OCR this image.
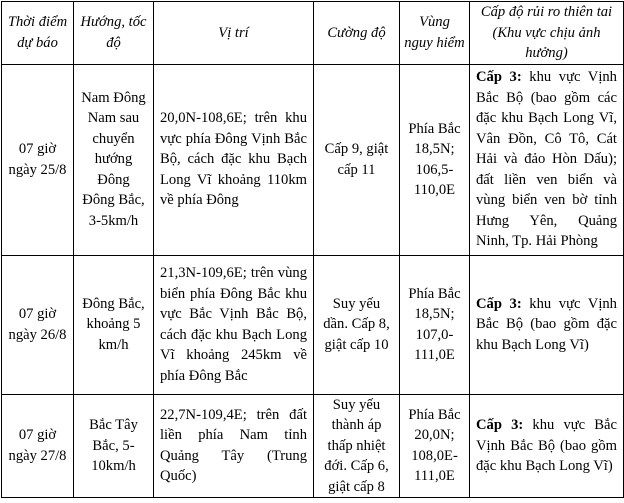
Thời điểm dự báo	Hướng, tốc độ	Vị trí	Cường độ	Vùng nguy hiểm	Cấp độ rủi ro thiên tai (Khu vực chịu ảnh hưởng)
07 giờ ngày 25/8	Nam Đông Nam sau chuyển hướng Đông Đông Bắc, 3-5km/h	20,0N-108,6E; trên khu vực phía Đông Vịnh Bắc Bộ, cách đặc khu Bạch Long Vĩ khoảng 110km về phía Đông	Cấp 9, giật cấp 11	Phía Bắc 18,5N; 106,5-110,0E	Cấp 3: khu vực Vịnh Bắc Bộ (bao gồm các đặc khu Bạch Long Vĩ, Vân Đồn, Cô Tô, Cát Hải và đảo Hòn Dấu); đất liền ven biển và vùng biển ven bờ tỉnh Hưng Yên, Quảng Ninh, Tp. Hải Phòng
07 giờ ngày 26/8	Đông Bắc, khoảng 5 km/h	21,3N-109,6E; trên vùng biển phía Đông Bắc khu vực Bắc Vịnh Bắc Bộ, cách đặc khu Bạch Long Vĩ khoảng 245km về phía Đông Bắc	Suy yếu dần. Cấp 8, giật cấp 10	Phía Bắc 18,5N; 107,0-111,0E	Cấp 3: khu vực Vịnh Bắc Bộ (bao gồm đặc khu Bạch Long Vĩ)
07 giờ ngày 27/8	Bắc Tây Bắc, 5-10km/h	22,7N-109,4E; trên đất liền phía Nam tỉnh Quảng Tây (Trung Quốc)	Suy yếu thành áp thấp nhiệt đới. Cấp 6, giật cấp 8	Phía Bắc 20,0N; 108,0E-111,0E	Cấp 3: khu vực Bắc Vịnh Bắc Bộ (bao gồm đặc khu Bạch Long Vĩ)
